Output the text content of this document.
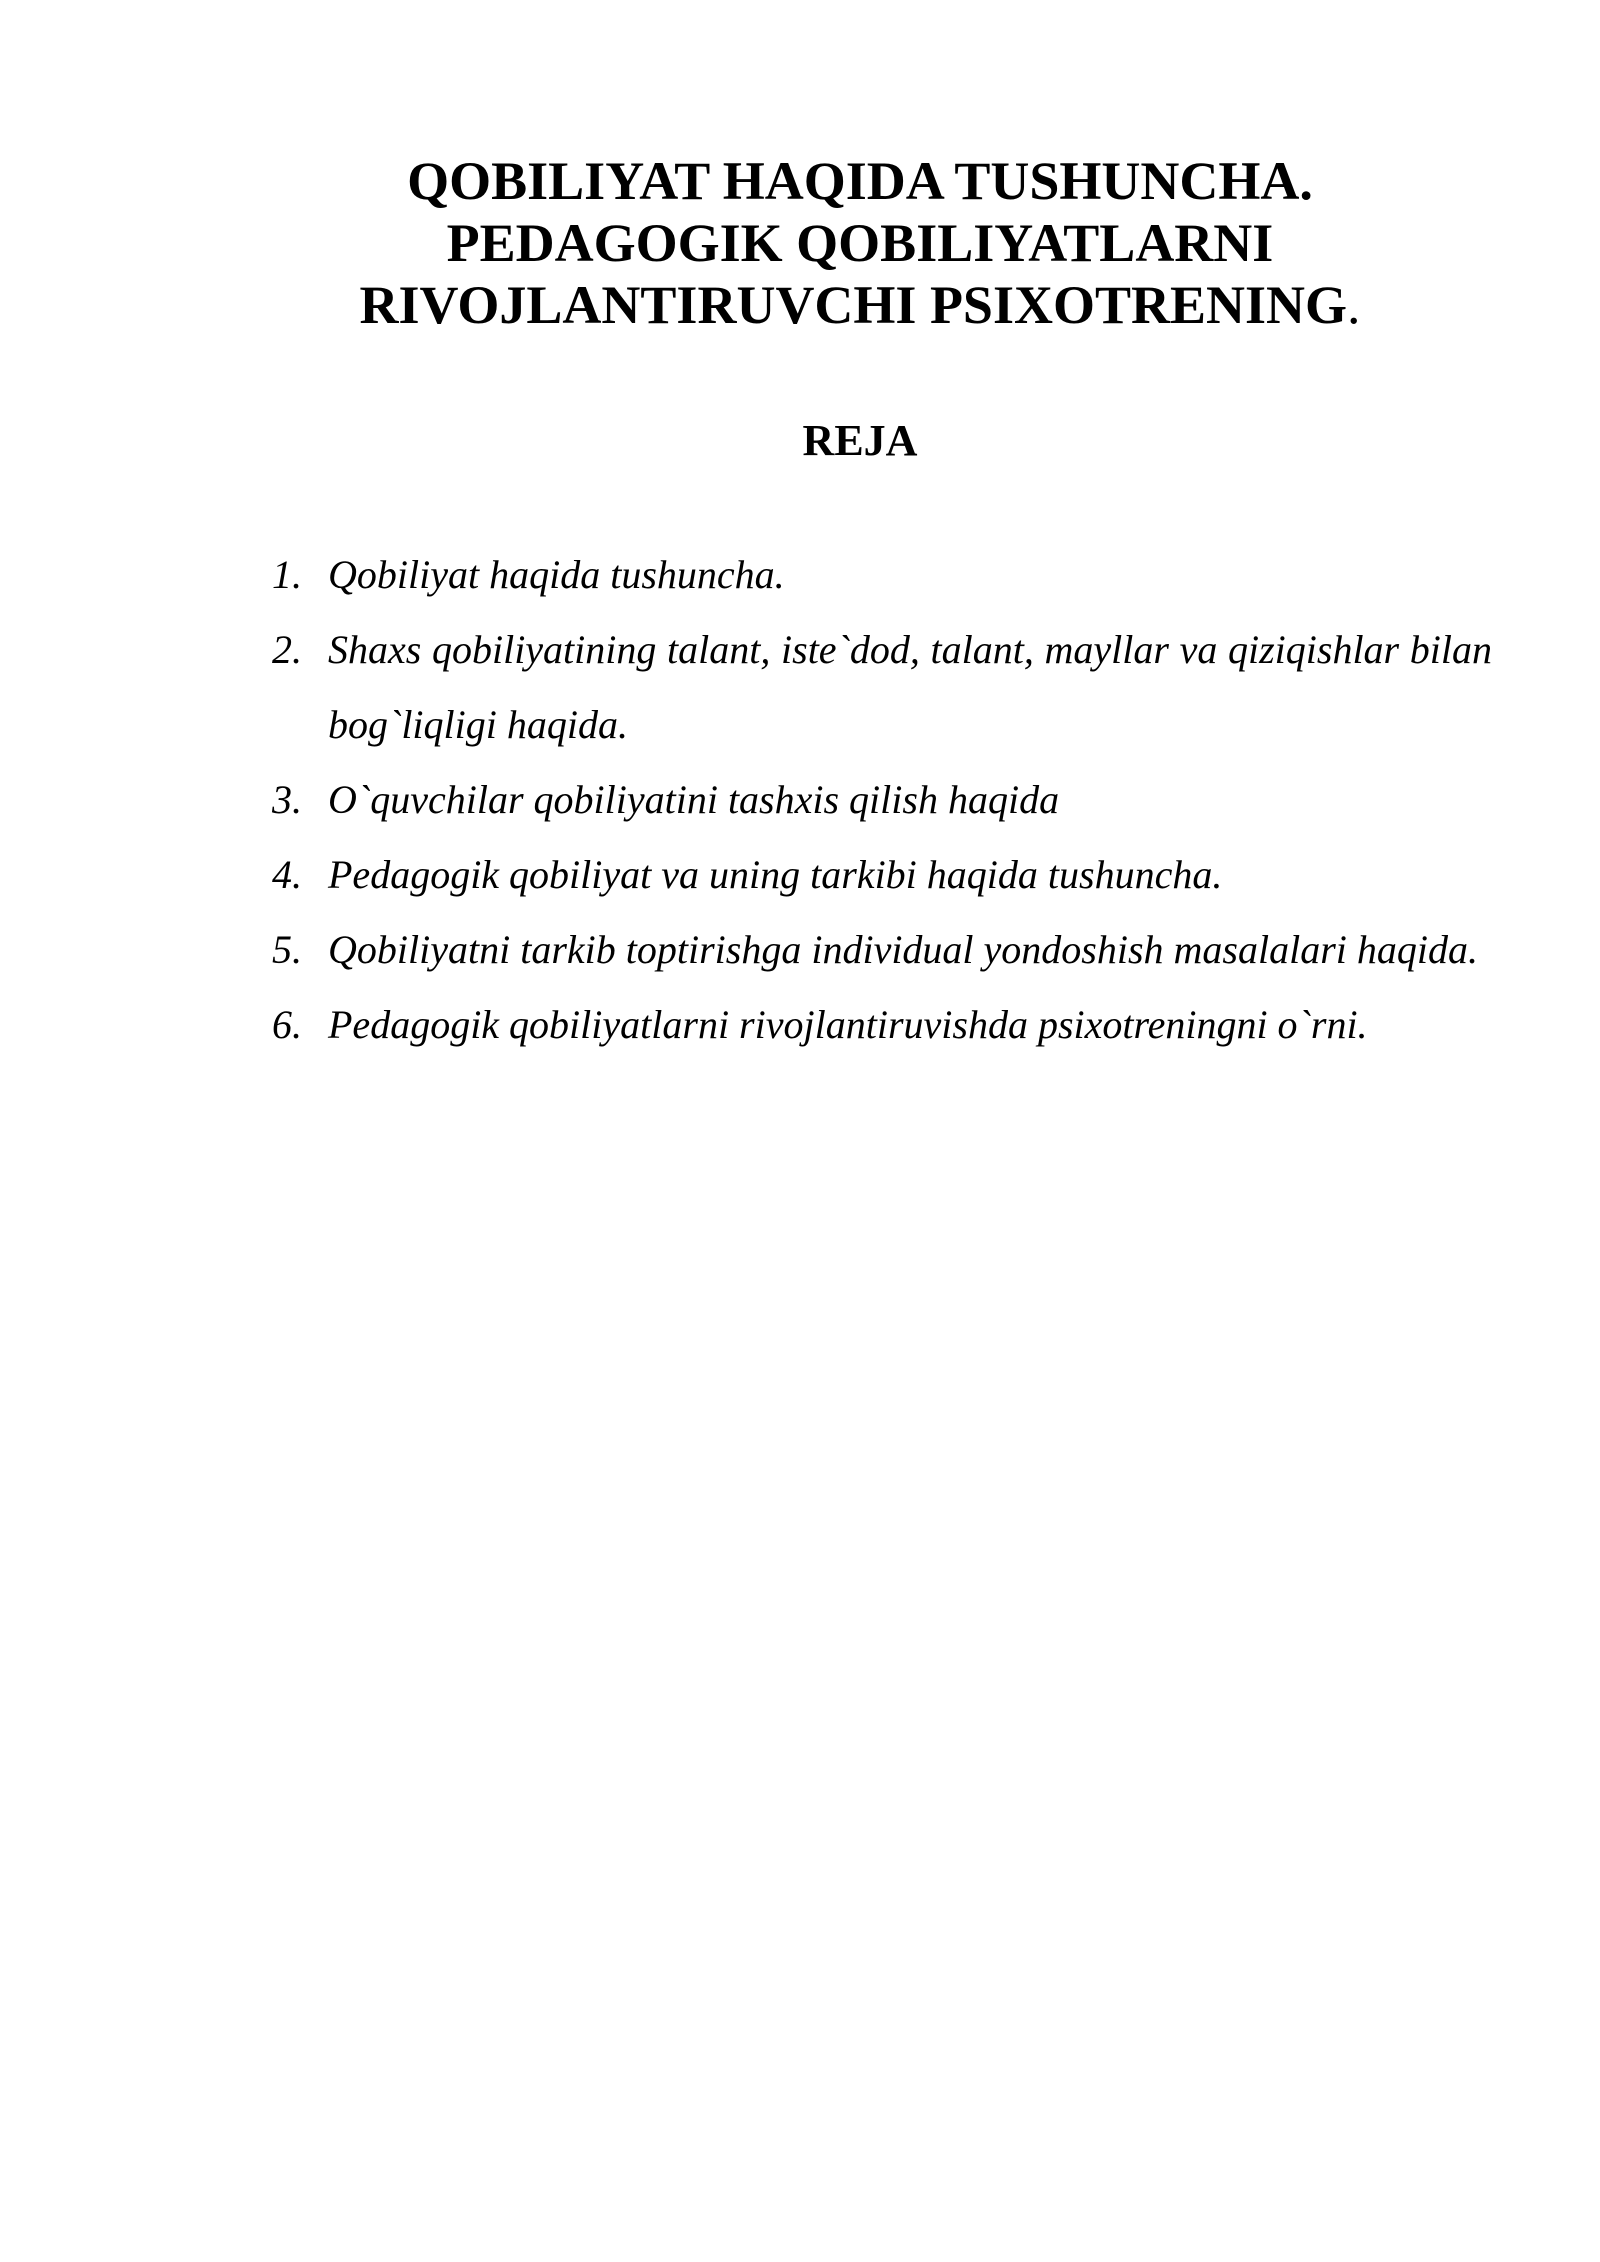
QOBILIYAT HAQIDA TUSHUNCHA.
PEDAGOGIK QOBILIYATLARNI
RIVOJLANTIRUVCHI PSIXOTRENING.
REJA
1. Qobiliyat haqida tushuncha.
2. Shaxs qobiliyatining talant, iste`dod, talant, mayllar va qiziqishlar bilan bog`liqligi haqida.
3. O`quvchilar qobiliyatini tashxis qilish haqida
4. Pedagogik qobiliyat va uning tarkibi haqida tushuncha.
5. Qobiliyatni tarkib toptirishga individual yondoshish masalalari haqida.
6. Pedagogik qobiliyatlarni rivojlantiruvishda psixotreningni o`rni.
